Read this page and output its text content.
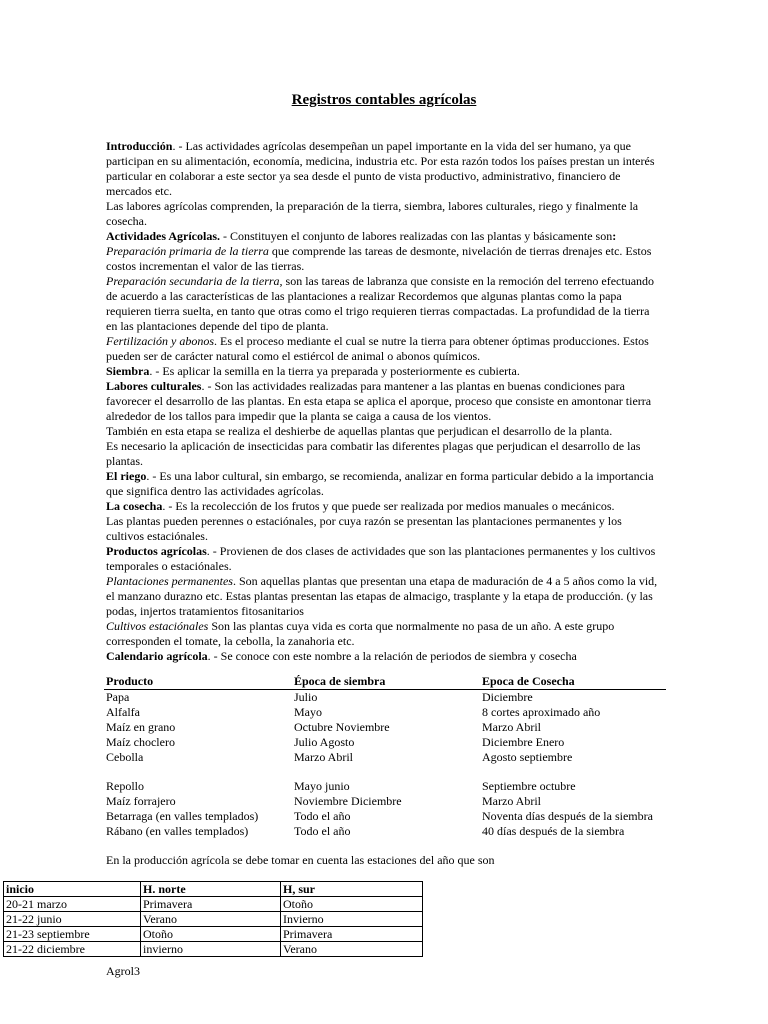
Registros contables agrícolas

Introducción. - Las actividades agrícolas desempeñan un papel importante en la vida del ser humano, ya que participan en su alimentación, economía, medicina, industria etc. Por esta razón todos los países prestan un interés particular en colaborar a este sector ya sea desde el punto de vista productivo, administrativo, financiero de mercados etc.

Las labores agrícolas comprenden, la preparación de la tierra, siembra, labores culturales, riego y finalmente la cosecha.

Actividades Agrícolas. - Constituyen el conjunto de labores realizadas con las plantas y básicamente son:

Preparación primaria de la tierra que comprende las tareas de desmonte, nivelación de tierras drenajes etc. Estos costos incrementan el valor de las tierras.

Preparación secundaria de la tierra, son las tareas de labranza que consiste en la remoción del terreno efectuando de acuerdo a las características de las plantaciones a realizar Recordemos que algunas plantas como la papa requieren tierra suelta, en tanto que otras como el trigo requieren tierras compactadas. La profundidad de la tierra en las plantaciones depende del tipo de planta.

Fertilización y abonos. Es el proceso mediante el cual se nutre la tierra para obtener óptimas producciones. Estos pueden ser de carácter natural como el estiércol de animal o abonos químicos.

Siembra. - Es aplicar la semilla en la tierra ya preparada y posteriormente es cubierta.

Labores culturales. - Son las actividades realizadas para mantener a las plantas en buenas condiciones para favorecer el desarrollo de las plantas. En esta etapa se aplica el aporque, proceso que consiste en amontonar tierra alrededor de los tallos para impedir que la planta se caiga a causa de los vientos.

También en esta etapa se realiza el deshierbe de aquellas plantas que perjudican el desarrollo de la planta.

Es necesario la aplicación de insecticidas para combatir las diferentes plagas que perjudican el desarrollo de las plantas.

El riego. - Es una labor cultural, sin embargo, se recomienda, analizar en forma particular debido a la importancia que significa dentro las actividades agrícolas.

La cosecha. - Es la recolección de los frutos y que puede ser realizada por medios manuales o mecánicos.

Las plantas pueden perennes o estaciónales, por cuya razón se presentan las plantaciones permanentes y los cultivos estaciónales.

Productos agrícolas. - Provienen de dos clases de actividades que son las plantaciones permanentes y los cultivos temporales o estaciónales.

Plantaciones permanentes. Son aquellas plantas que presentan una etapa de maduración de 4 a 5 años como la vid, el manzano durazno etc. Estas plantas presentan las etapas de almacigo, trasplante y la etapa de producción. (y las podas, injertos tratamientos fitosanitarios

Cultivos estaciónales Son las plantas cuya vida es corta que normalmente no pasa de un año. A este grupo corresponden el tomate, la cebolla, la zanahoria etc.

Calendario agrícola. - Se conoce con este nombre a la relación de periodos de siembra y cosecha

Producto	Época de siembra	Epoca de Cosecha
Papa	Julio	Diciembre
Alfalfa	Mayo	8 cortes aproximado año
Maíz en grano	Octubre Noviembre	Marzo Abril
Maíz choclero	Julio Agosto	Diciembre Enero
Cebolla	Marzo Abril	Agosto septiembre

Repollo	Mayo junio	Septiembre octubre
Maíz forrajero	Noviembre Diciembre	Marzo Abril
Betarraga (en valles templados)	Todo el año	Noventa días después de la siembra
Rábano (en valles templados)	Todo el año	40 días después de la siembra
En la producción agrícola se debe tomar en cuenta las estaciones del año que son
inicio	H. norte	H, sur
20-21 marzo	Primavera	Otoño
21-22 junio	Verano	Invierno
21-23 septiembre	Otoño	Primavera
21-22 diciembre	invierno	Verano
Agrol3
